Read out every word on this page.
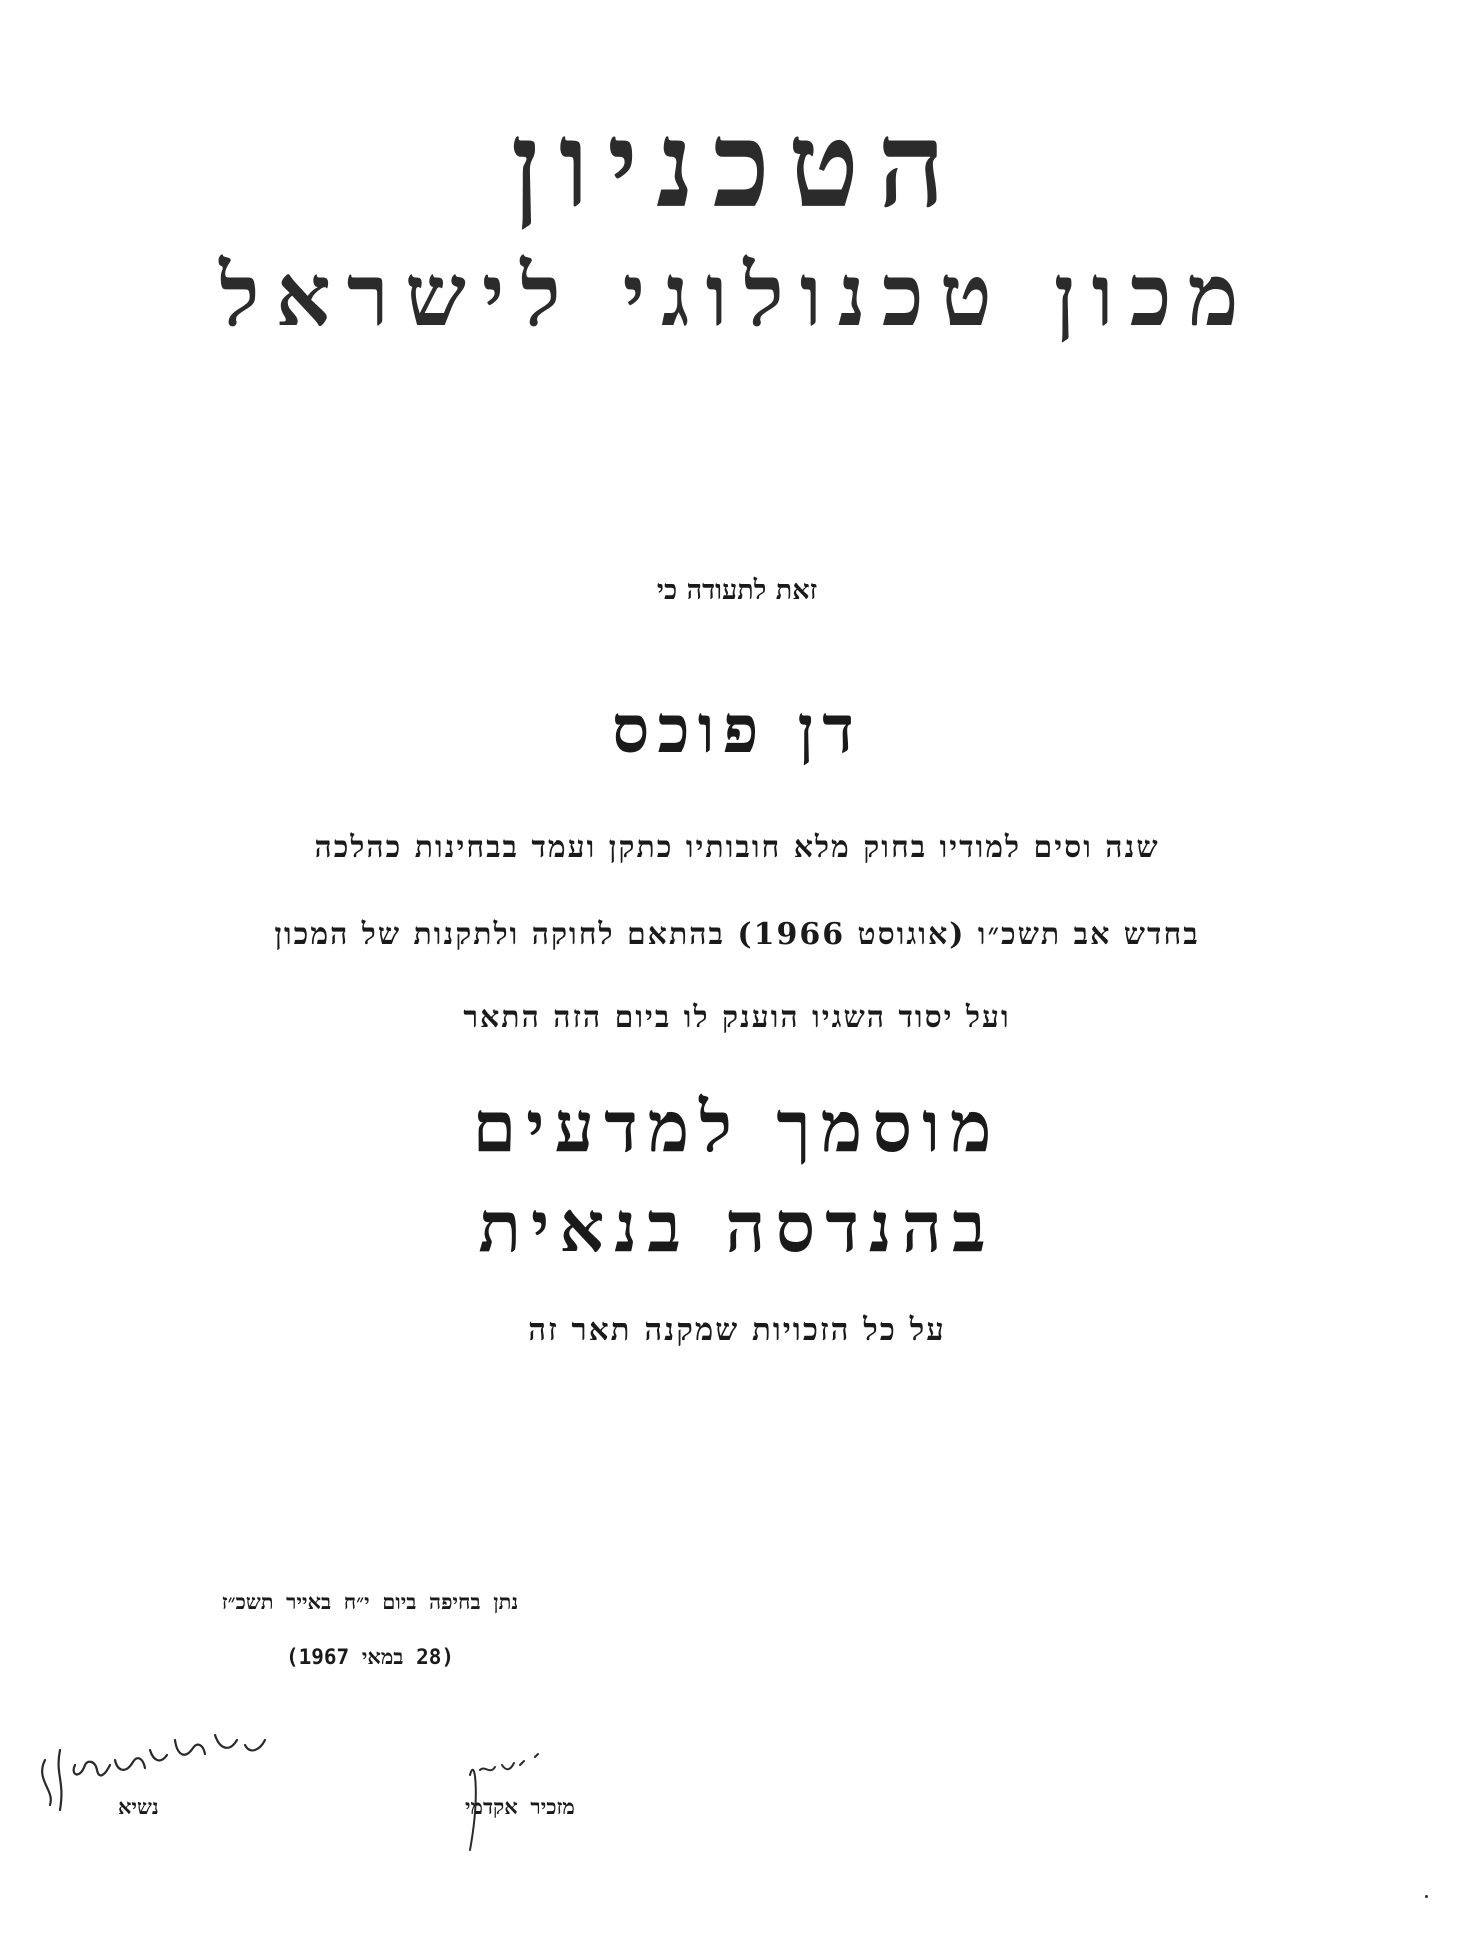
הטכניון
מכון טכנולוגי לישראל
זאת לתעודה כי
דן פוכס
שנה וסים למודיו בחוק מלא חובותיו כתקן ועמד בבחינות כהלכה
בחדש אב תשכ״ו (אוגוסט 1966) בהתאם לחוקה ולתקנות של המכון
ועל יסוד השגיו הוענק לו ביום הזה התאר
מוסמך למדעים
בהנדסה בנאית
על כל הזכויות שמקנה תאר זה
נתן בחיפה ביום י״ח באייר תשכ״ז
(28 במאי 1967)
נשיא	מזכיר אקדמי
